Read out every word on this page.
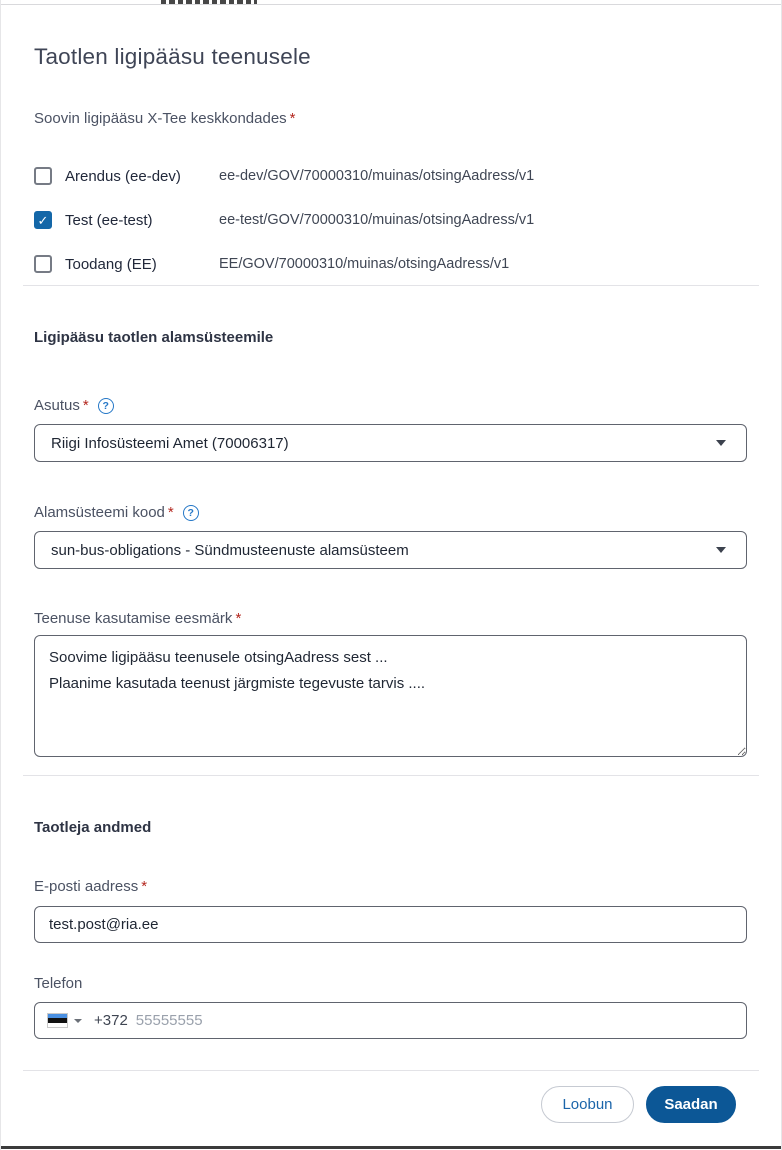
Taotlen ligipääsu teenusele
Soovin ligipääsu X-Tee keskkondades *
Arendus (ee-dev)	ee-dev/GOV/70000310/muinas/otsingAadress/v1
✓
Test (ee-test)	ee-test/GOV/70000310/muinas/otsingAadress/v1
Toodang (EE)	EE/GOV/70000310/muinas/otsingAadress/v1
Ligipääsu taotlen alamsüsteemile
Asutus *	?
Riigi Infosüsteemi Amet (70006317)
Alamsüsteemi kood *	?
sun-bus-obligations - Sündmusteenuste alamsüsteem
Teenuse kasutamise eesmärk *
Soovime ligipääsu teenusele otsingAadress sest ... Plaanime kasutada teenust järgmiste tegevuste tarvis ....
Taotleja andmed
E-posti aadress *
test.post@ria.ee
Telefon
+372
55555555
Loobun	Saadan
